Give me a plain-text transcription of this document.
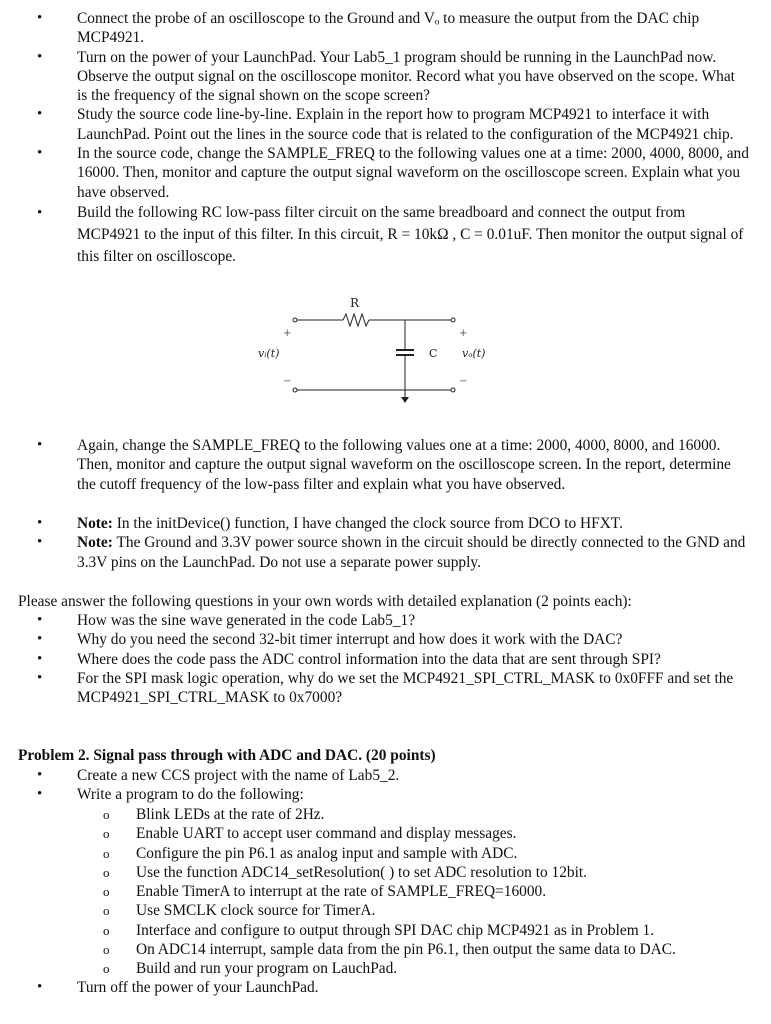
• Connect the probe of an oscilloscope to the Ground and Vₒ to measure the output from the DAC chip MCP4921.
• Turn on the power of your LaunchPad. Your Lab5_1 program should be running in the LaunchPad now. Observe the output signal on the oscilloscope monitor. Record what you have observed on the scope. What is the frequency of the signal shown on the scope screen?
• Study the source code line-by-line. Explain in the report how to program MCP4921 to interface it with LaunchPad. Point out the lines in the source code that is related to the configuration of the MCP4921 chip.
• In the source code, change the SAMPLE_FREQ to the following values one at a time: 2000, 4000, 8000, and 16000. Then, monitor and capture the output signal waveform on the oscilloscope screen. Explain what you have observed.
• Build the following RC low-pass filter circuit on the same breadboard and connect the output from MCP4921 to the input of this filter. In this circuit, R = 10kΩ , C = 0.01uF. Then monitor the output signal of this filter on oscilloscope.
R
C
vᵢ(t)	vₒ(t)
+
−
+
−
• Again, change the SAMPLE_FREQ to the following values one at a time: 2000, 4000, 8000, and 16000. Then, monitor and capture the output signal waveform on the oscilloscope screen. In the report, determine the cutoff frequency of the low-pass filter and explain what you have observed.
• Note: In the initDevice() function, I have changed the clock source from DCO to HFXT.
• Note: The Ground and 3.3V power source shown in the circuit should be directly connected to the GND and 3.3V pins on the LaunchPad. Do not use a separate power supply.

Please answer the following questions in your own words with detailed explanation (2 points each):

• How was the sine wave generated in the code Lab5_1?
• Why do you need the second 32-bit timer interrupt and how does it work with the DAC?
• Where does the code pass the ADC control information into the data that are sent through SPI?
• For the SPI mask logic operation, why do we set the MCP4921_SPI_CTRL_MASK to 0x0FFF and set the MCP4921_SPI_CTRL_MASK to 0x7000?

Problem 2. Signal pass through with ADC and DAC. (20 points)

• Create a new CCS project with the name of Lab5_2.
• Write a program to do the following:
o Blink LEDs at the rate of 2Hz.
o Enable UART to accept user command and display messages.
o Configure the pin P6.1 as analog input and sample with ADC.
o Use the function ADC14_setResolution( ) to set ADC resolution to 12bit.
o Enable TimerA to interrupt at the rate of SAMPLE_FREQ=16000.
o Use SMCLK clock source for TimerA.
o Interface and configure to output through SPI DAC chip MCP4921 as in Problem 1.
o On ADC14 interrupt, sample data from the pin P6.1, then output the same data to DAC.
o Build and run your program on LauchPad.
• Turn off the power of your LaunchPad.
